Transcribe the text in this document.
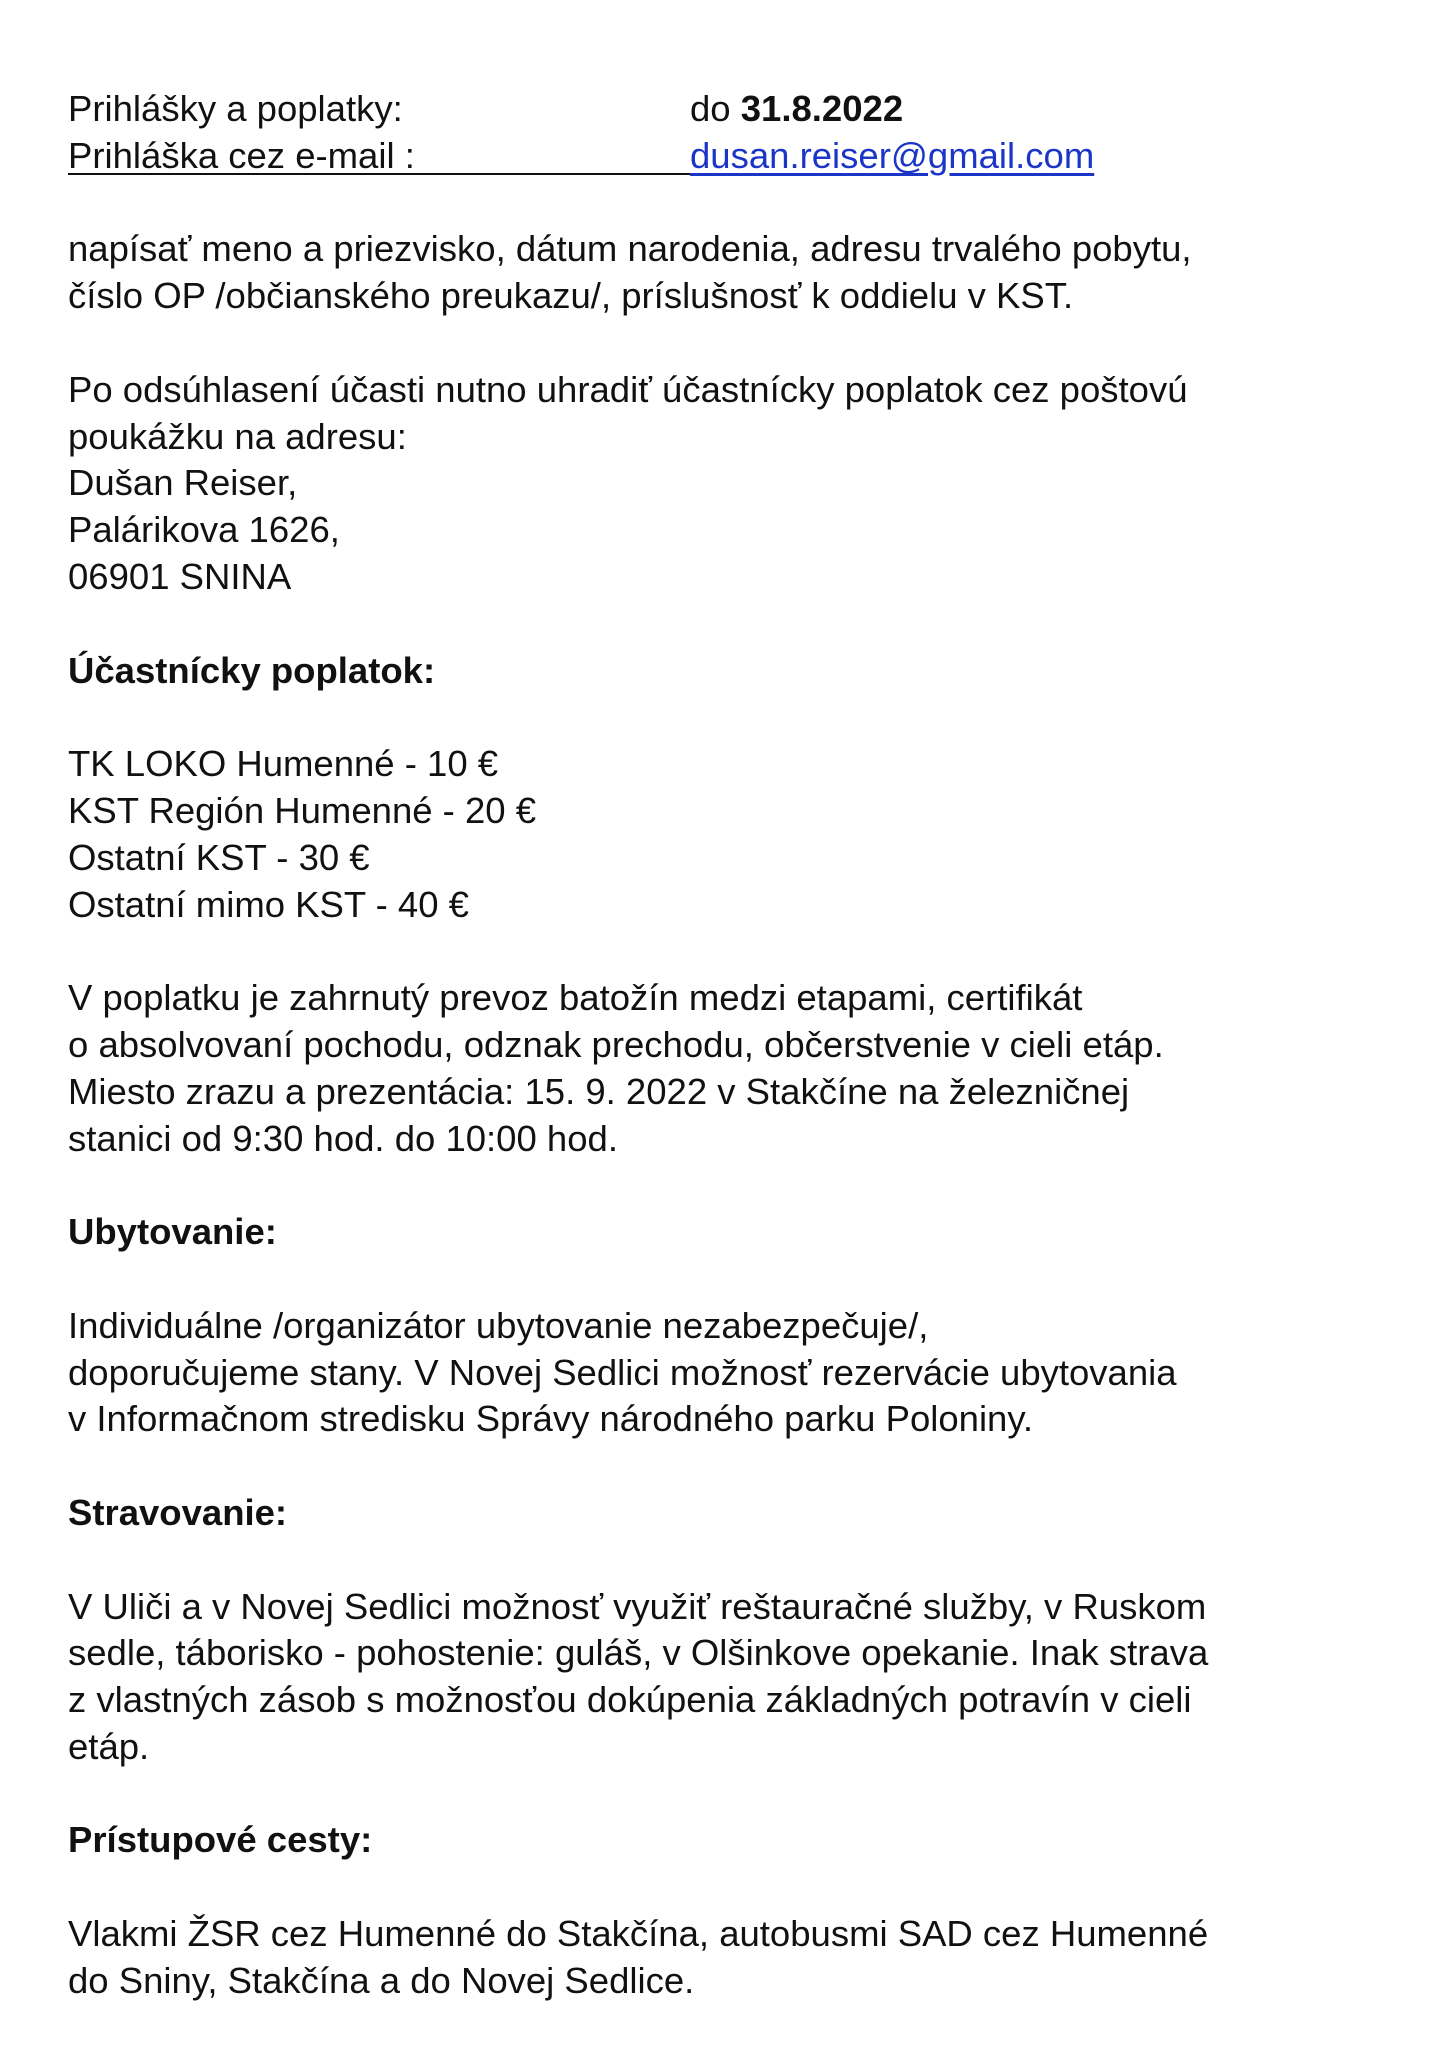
Prihlášky a poplatky:	do 31.8.2022
Prihláška cez e-mail :	dusan.reiser@gmail.com

napísať meno a priezvisko, dátum narodenia, adresu trvalého pobytu,
číslo OP /občianského preukazu/, príslušnosť k oddielu v KST.

Po odsúhlasení účasti nutno uhradiť účastnícky poplatok cez poštovú
poukážku na adresu:
Dušan Reiser,
Palárikova 1626,
06901 SNINA

Účastnícky poplatok:
TK LOKO Humenné - 10 €
KST Región Humenné - 20 €
Ostatní KST - 30 €
Ostatní mimo KST - 40 €

V poplatku je zahrnutý prevoz batožín medzi etapami, certifikát
o absolvovaní pochodu, odznak prechodu, občerstvenie v cieli etáp.
Miesto zrazu a prezentácia: 15. 9. 2022 v Stakčíne na železničnej
stanici od 9:30 hod. do 10:00 hod.

Ubytovanie:

Individuálne /organizátor ubytovanie nezabezpečuje/,
doporučujeme stany. V Novej Sedlici možnosť rezervácie ubytovania
v Informačnom stredisku Správy národného parku Poloniny.

Stravovanie:

V Uliči a v Novej Sedlici možnosť využiť reštauračné služby, v Ruskom
sedle, táborisko - pohostenie: guláš, v Olšinkove opekanie. Inak strava
z vlastných zásob s možnosťou dokúpenia základných potravín v cieli
etáp.

Prístupové cesty:

Vlakmi ŽSR cez Humenné do Stakčína, autobusmi SAD cez Humenné
do Sniny, Stakčína a do Novej Sedlice.
